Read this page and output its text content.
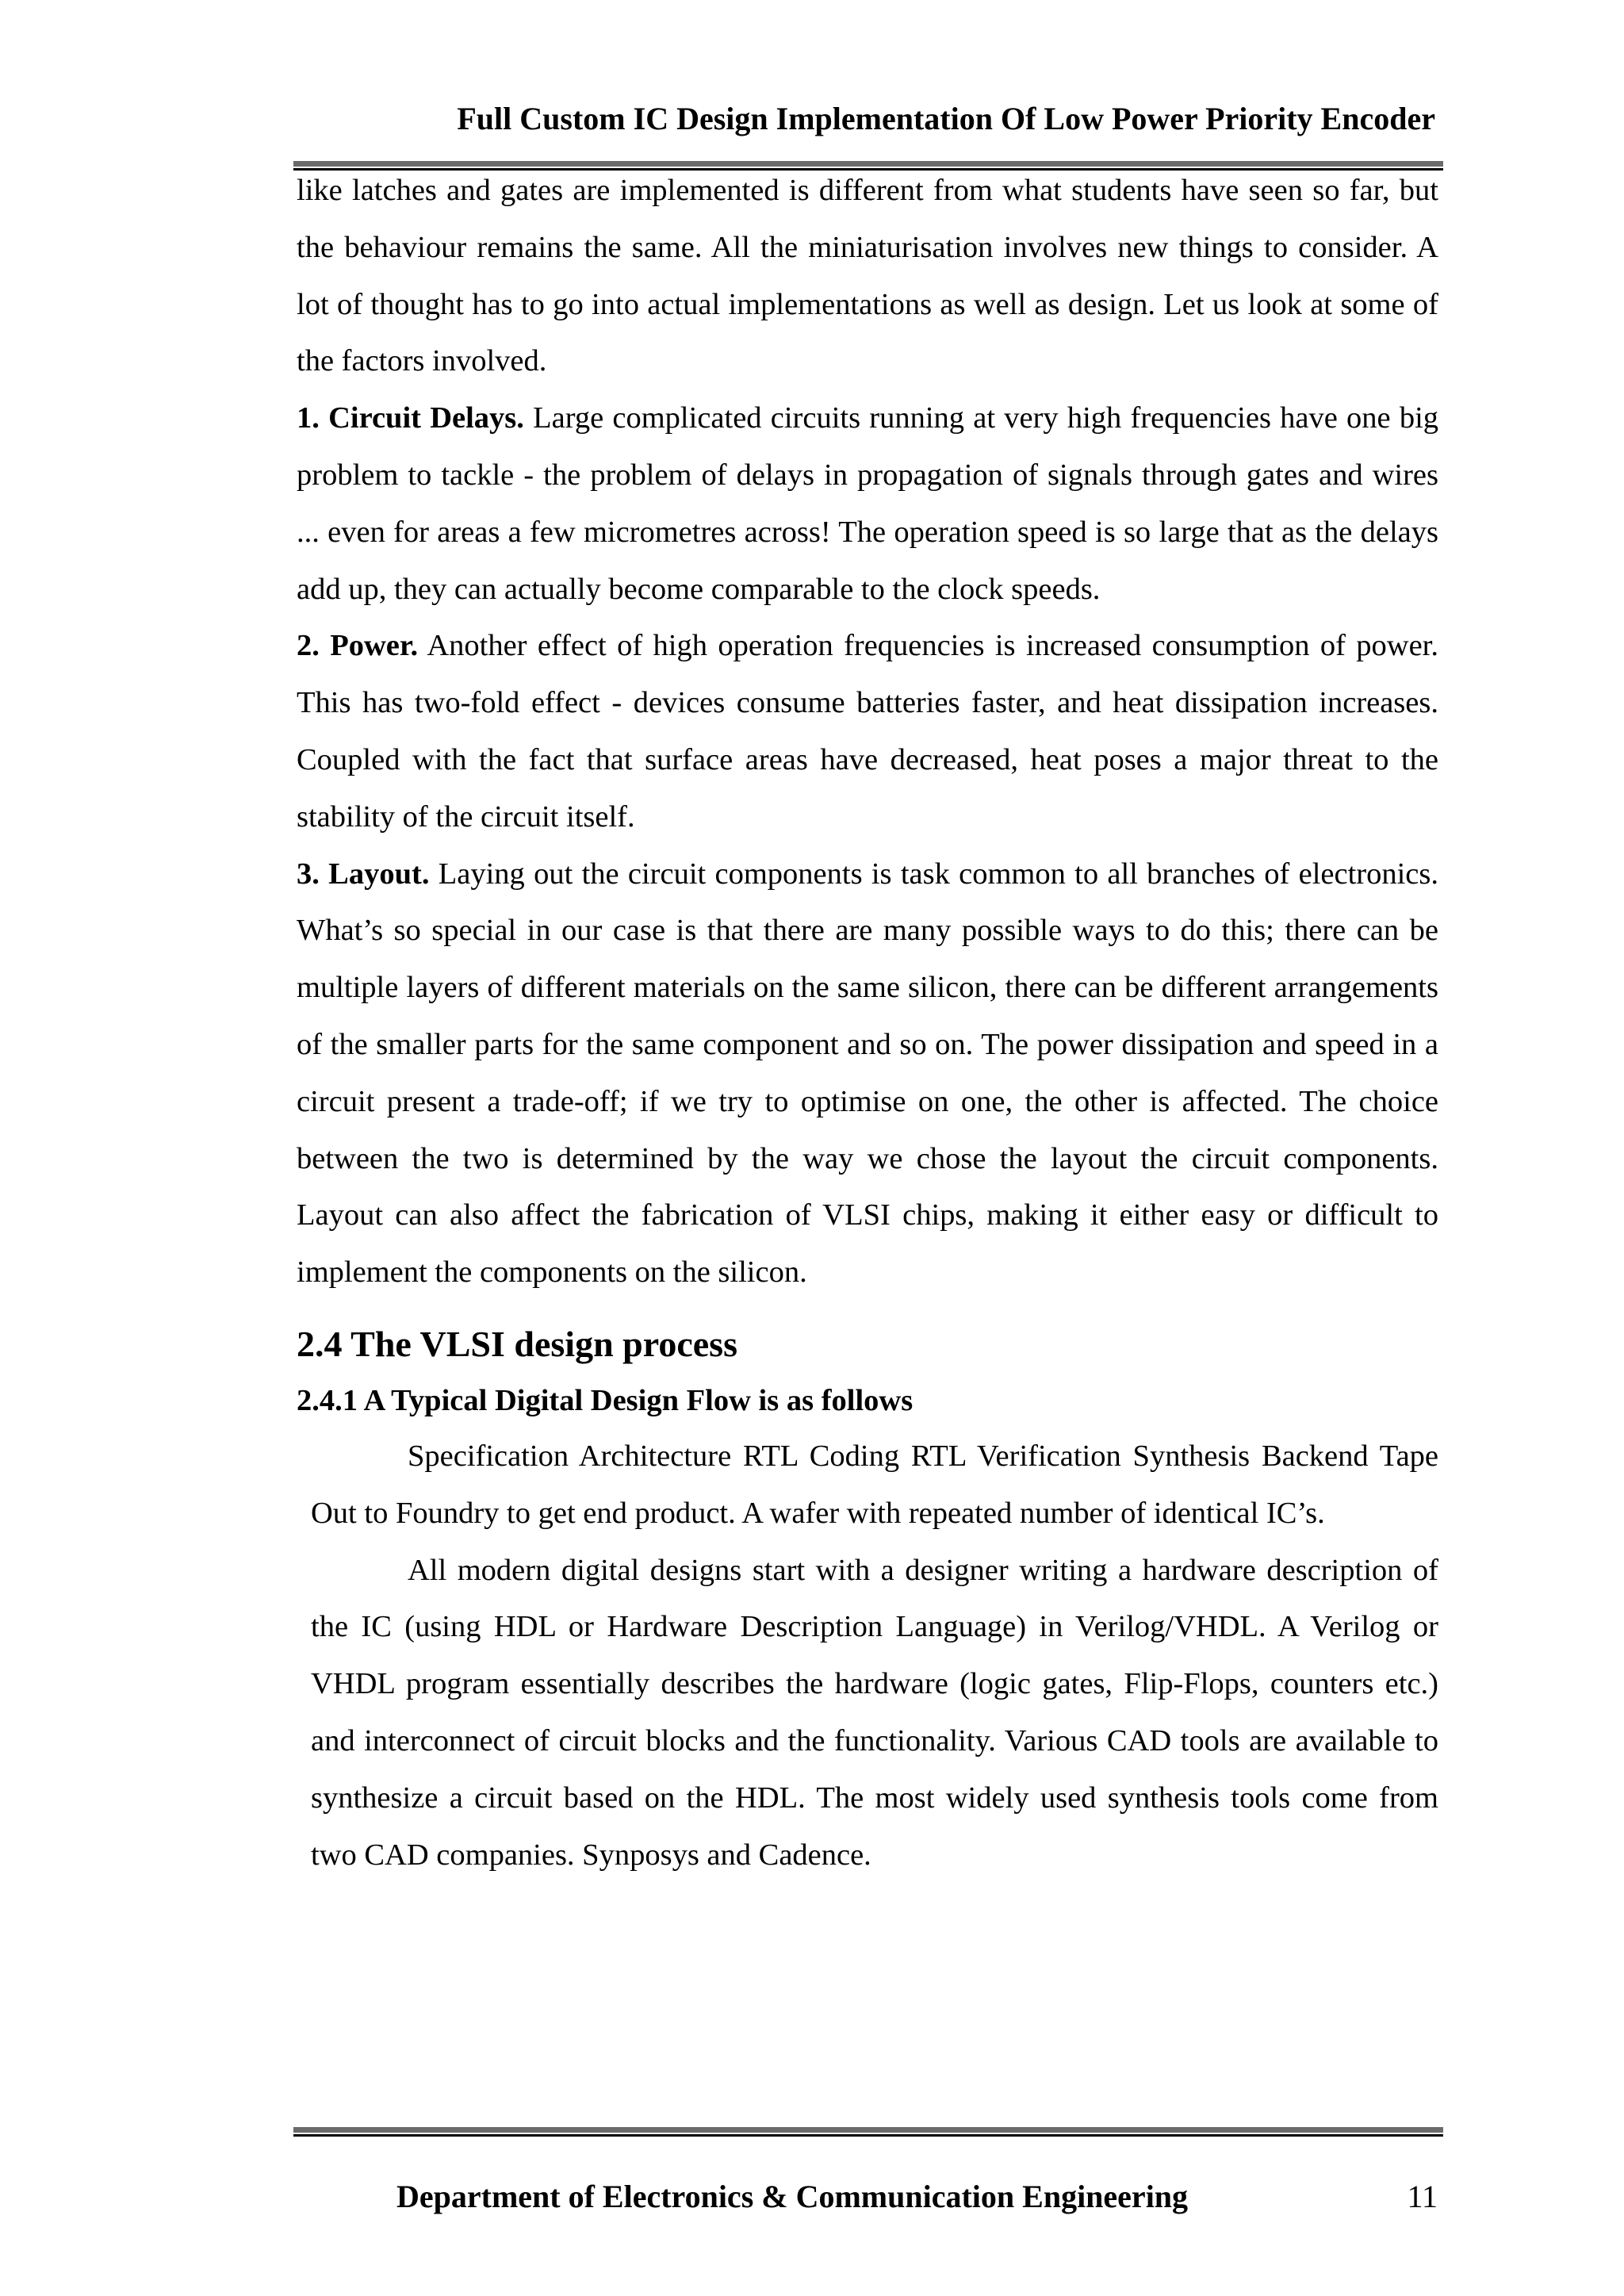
Full Custom IC Design Implementation Of Low Power Priority Encoder

like latches and gates are implemented is different from what students have seen so far, but the behaviour remains the same. All the miniaturisation involves new things to consider. A lot of thought has to go into actual implementations as well as design. Let us look at some of the factors involved.

1. Circuit Delays. Large complicated circuits running at very high frequencies have one big problem to tackle - the problem of delays in propagation of signals through gates and wires ... even for areas a few micrometres across! The operation speed is so large that as the delays add up, they can actually become comparable to the clock speeds.

2. Power. Another effect of high operation frequencies is increased consumption of power. This has two-fold effect - devices consume batteries faster, and heat dissipation increases. Coupled with the fact that surface areas have decreased, heat poses a major threat to the stability of the circuit itself.

3. Layout. Laying out the circuit components is task common to all branches of electronics. What’s so special in our case is that there are many possible ways to do this; there can be multiple layers of different materials on the same silicon, there can be different arrangements of the smaller parts for the same component and so on. The power dissipation and speed in a circuit present a trade-off; if we try to optimise on one, the other is affected. The choice between the two is determined by the way we chose the layout the circuit components. Layout can also affect the fabrication of VLSI chips, making it either easy or difficult to implement the components on the silicon.

2.4 The VLSI design process

2.4.1 A Typical Digital Design Flow is as follows

Specification Architecture RTL Coding RTL Verification Synthesis Backend Tape Out to Foundry to get end product. A wafer with repeated number of identical IC’s.

All modern digital designs start with a designer writing a hardware description of the IC (using HDL or Hardware Description Language) in Verilog/VHDL. A Verilog or VHDL program essentially describes the hardware (logic gates, Flip-Flops, counters etc.) and interconnect of circuit blocks and the functionality. Various CAD tools are available to synthesize a circuit based on the HDL. The most widely used synthesis tools come from two CAD companies. Synposys and Cadence.

Department of Electronics & Communication Engineering	11
